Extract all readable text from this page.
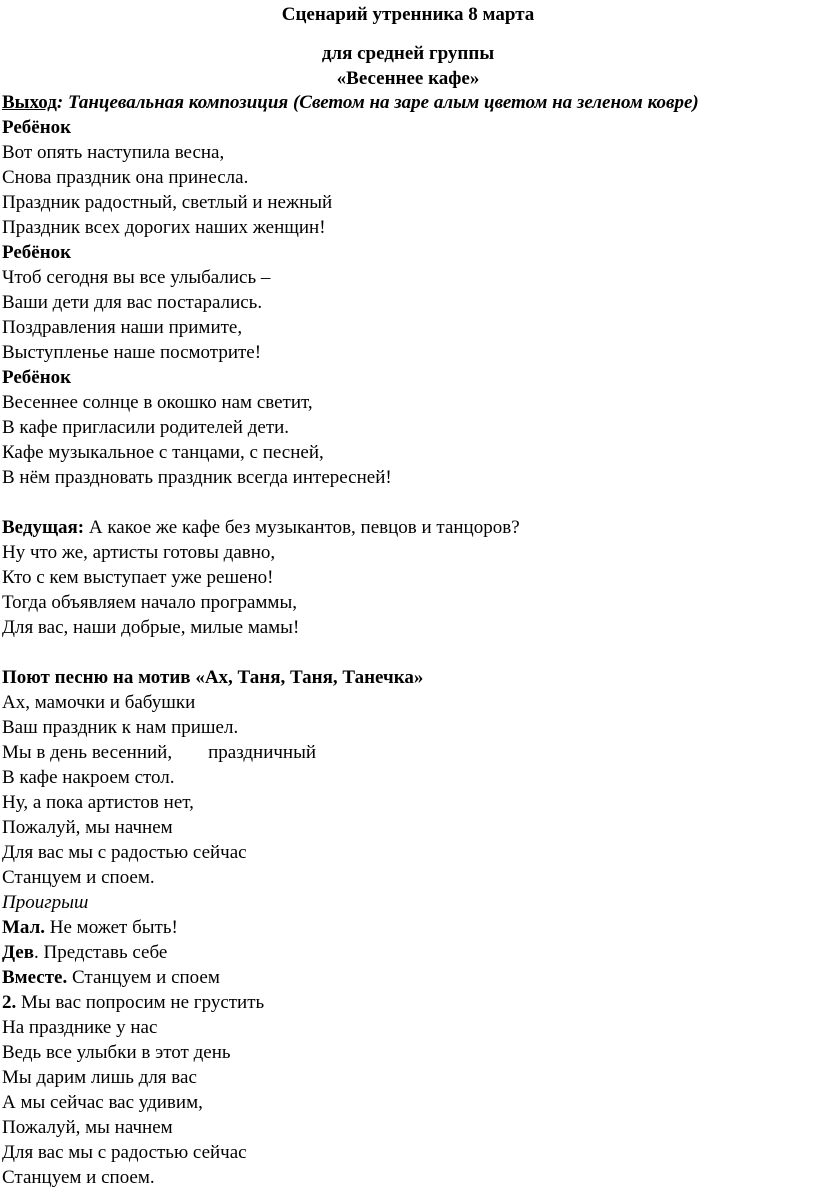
Сценарий утренника 8 марта
для средней группы
«Весеннее кафе»
Выход: Танцевальная композиция (Светом на заре алым цветом на зеленом ковре)
Ребёнок
Вот опять наступила весна,
Снова праздник она принесла.
Праздник радостный, светлый и нежный
Праздник всех дорогих наших женщин!
Ребёнок
Чтоб сегодня вы все улыбались –
Ваши дети для вас постарались.
Поздравления наши примите,
Выступленье наше посмотрите!
Ребёнок
Весеннее солнце в окошко нам светит,
В кафе пригласили родителей дети.
Кафе музыкальное с танцами, с песней,
В нём праздновать праздник всегда интересней!
Ведущая: А какое же кафе без музыкантов, певцов и танцоров?
Ну что же, артисты готовы давно,
Кто с кем выступает уже решено!
Тогда объявляем начало программы,
Для вас, наши добрые, милые мамы!
Поют песню на мотив «Ах, Таня, Таня, Танечка»
Ах, мамочки и бабушки
Ваш праздник к нам пришел.
Мы в день весенний, праздничный
В кафе накроем стол.
Ну, а пока артистов нет,
Пожалуй, мы начнем
Для вас мы с радостью сейчас
Станцуем и споем.
Проигрыш
Мал. Не может быть!
Дев. Представь себе
Вместе. Станцуем и споем
2. Мы вас попросим не грустить
На празднике у нас
Ведь все улыбки в этот день
Мы дарим лишь для вас
А мы сейчас вас удивим,
Пожалуй, мы начнем
Для вас мы с радостью сейчас
Станцуем и споем.
